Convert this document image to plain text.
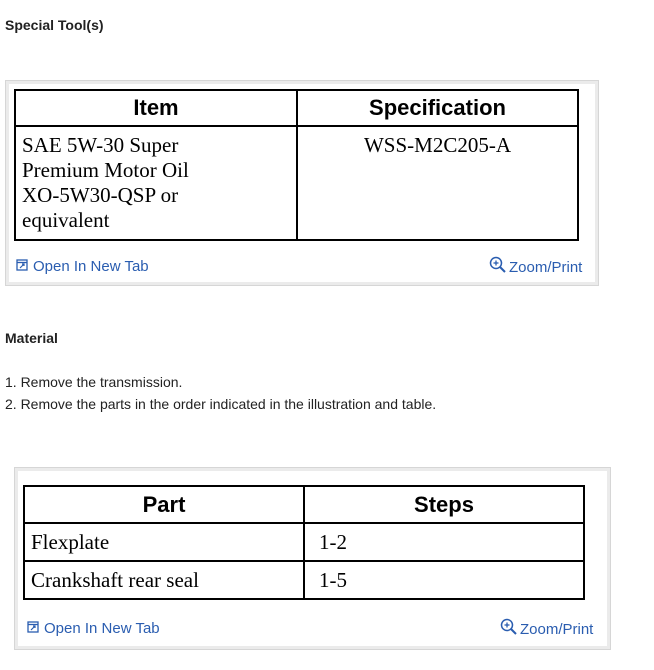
Special Tool(s)
Item	Specification

SAE 5W-30 Super
Premium Motor Oil
XO-5W30-QSP or
equivalent	WSS-M2C205-A
Open In New Tab	Zoom/Print
Material
1. Remove the transmission.
2. Remove the parts in the order indicated in the illustration and table.
Part	Steps
Flexplate	1-2
Crankshaft rear seal	1-5
Open In New Tab	Zoom/Print
